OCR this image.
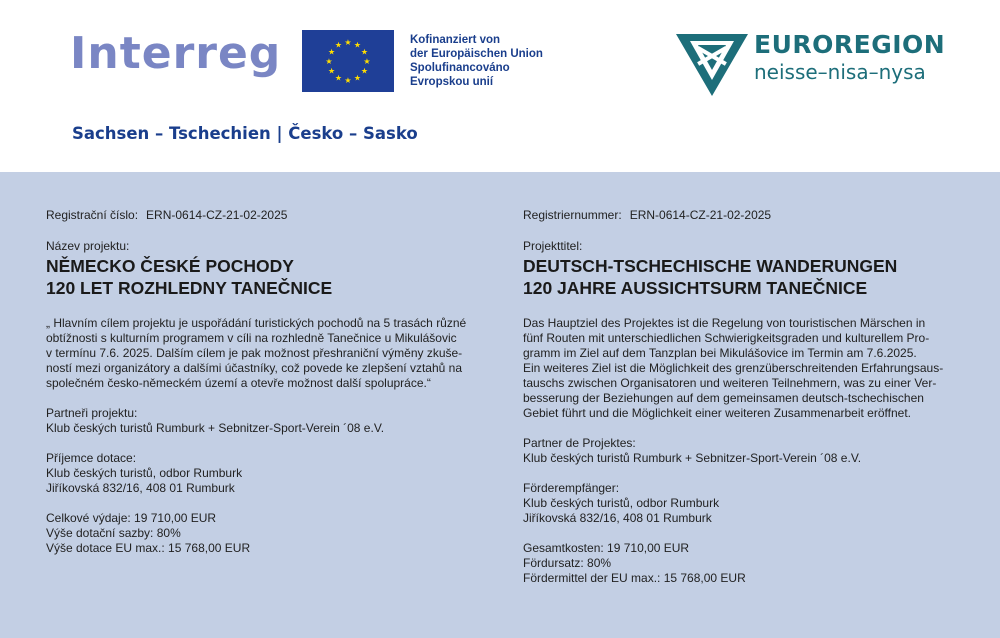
Interreg	★ ★
★
★
★
★
★
★
★
★
★
★	Kofinanziert von
der Europäischen Union
Spolufinancováno
Evropskou unií
Sachsen – Tschechien | Česko – Sasko
EUROREGION
neisse–nisa–nysa
Registrační číslo: ERN-0614-CZ-21-02-2025
Název projektu:
NĚMECKO ČESKÉ POCHODY
120 LET ROZHLEDNY TANEČNICE
„ Hlavním cílem projektu je uspořádání turistických pochodů na 5 trasách různé
obtížnosti s kulturním programem v cíli na rozhledně Tanečnice u Mikulášovic
v termínu 7.6. 2025. Dalším cílem je pak možnost přeshraniční výměny zkuše-
ností mezi organizátory a dalšími účastníky, což povede ke zlepšení vztahů na
společném česko-německém území a otevře možnost další spolupráce.“
Partneři projektu:
Klub českých turistů Rumburk + Sebnitzer-Sport-Verein ´08 e.V.
Příjemce dotace:
Klub českých turistů, odbor Rumburk
Jiříkovská 832/16, 408 01 Rumburk
Celkové výdaje: 19 710,00 EUR
Výše dotační sazby: 80%
Výše dotace EU max.: 15 768,00 EUR
Registriernummer: ERN-0614-CZ-21-02-2025
Projekttitel:
DEUTSCH-TSCHECHISCHE WANDERUNGEN
120 JAHRE AUSSICHTSURM TANEČNICE
Das Hauptziel des Projektes ist die Regelung von touristischen Märschen in
fünf Routen mit unterschiedlichen Schwierigkeitsgraden und kulturellem Pro-
gramm im Ziel auf dem Tanzplan bei Mikulášovice im Termin am 7.6.2025.
Ein weiteres Ziel ist die Möglichkeit des grenzüberschreitenden Erfahrungsaus-
tauschs zwischen Organisatoren und weiteren Teilnehmern, was zu einer Ver-
besserung der Beziehungen auf dem gemeinsamen deutsch-tschechischen
Gebiet führt und die Möglichkeit einer weiteren Zusammenarbeit eröffnet.
Partner de Projektes:
Klub českých turistů Rumburk + Sebnitzer-Sport-Verein ´08 e.V.
Förderempfänger:
Klub českých turistů, odbor Rumburk
Jiříkovská 832/16, 408 01 Rumburk
Gesamtkosten: 19 710,00 EUR
Fördursatz: 80%
Fördermittel der EU max.: 15 768,00 EUR
